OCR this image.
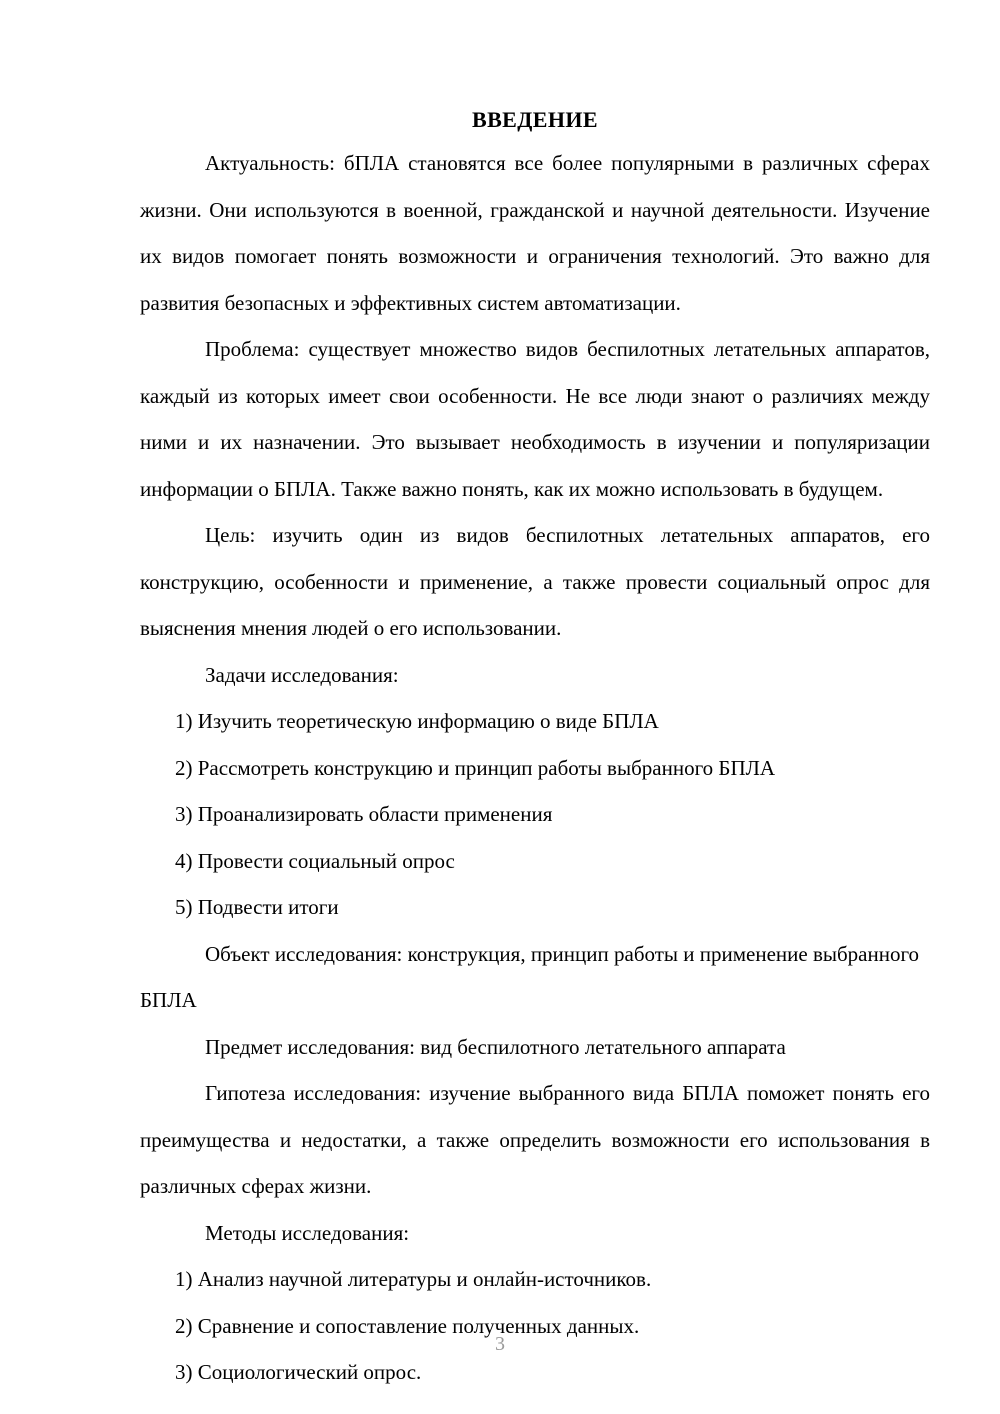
ВВЕДЕНИЕ

Актуальность: бПЛА становятся все более популярными в различных сферах жизни. Они используются в военной, гражданской и научной деятельности. Изучение их видов помогает понять возможности и ограничения технологий. Это важно для развития безопасных и эффективных систем автоматизации.

Проблема: существует множество видов беспилотных летательных аппаратов, каждый из которых имеет свои особенности. Не все люди знают о различиях между ними и их назначении. Это вызывает необходимость в изучении и популяризации информации о БПЛА. Также важно понять, как их можно использовать в будущем.

Цель: изучить один из видов беспилотных летательных аппаратов, его конструкцию, особенности и применение, а также провести социальный опрос для выяснения мнения людей о его использовании.

Задачи исследования:

1) Изучить теоретическую информацию о виде БПЛА

2) Рассмотреть конструкцию и принцип работы выбранного БПЛА

3) Проанализировать области применения

4) Провести социальный опрос

5) Подвести итоги

Объект исследования: конструкция, принцип работы и применение выбранного БПЛА

Предмет исследования: вид беспилотного летательного аппарата

Гипотеза исследования: изучение выбранного вида БПЛА поможет понять его преимущества и недостатки, а также определить возможности его использования в различных сферах жизни.

Методы исследования:

1) Анализ научной литературы и онлайн-источников.

2) Сравнение и сопоставление полученных данных.

3) Социологический опрос.

3
